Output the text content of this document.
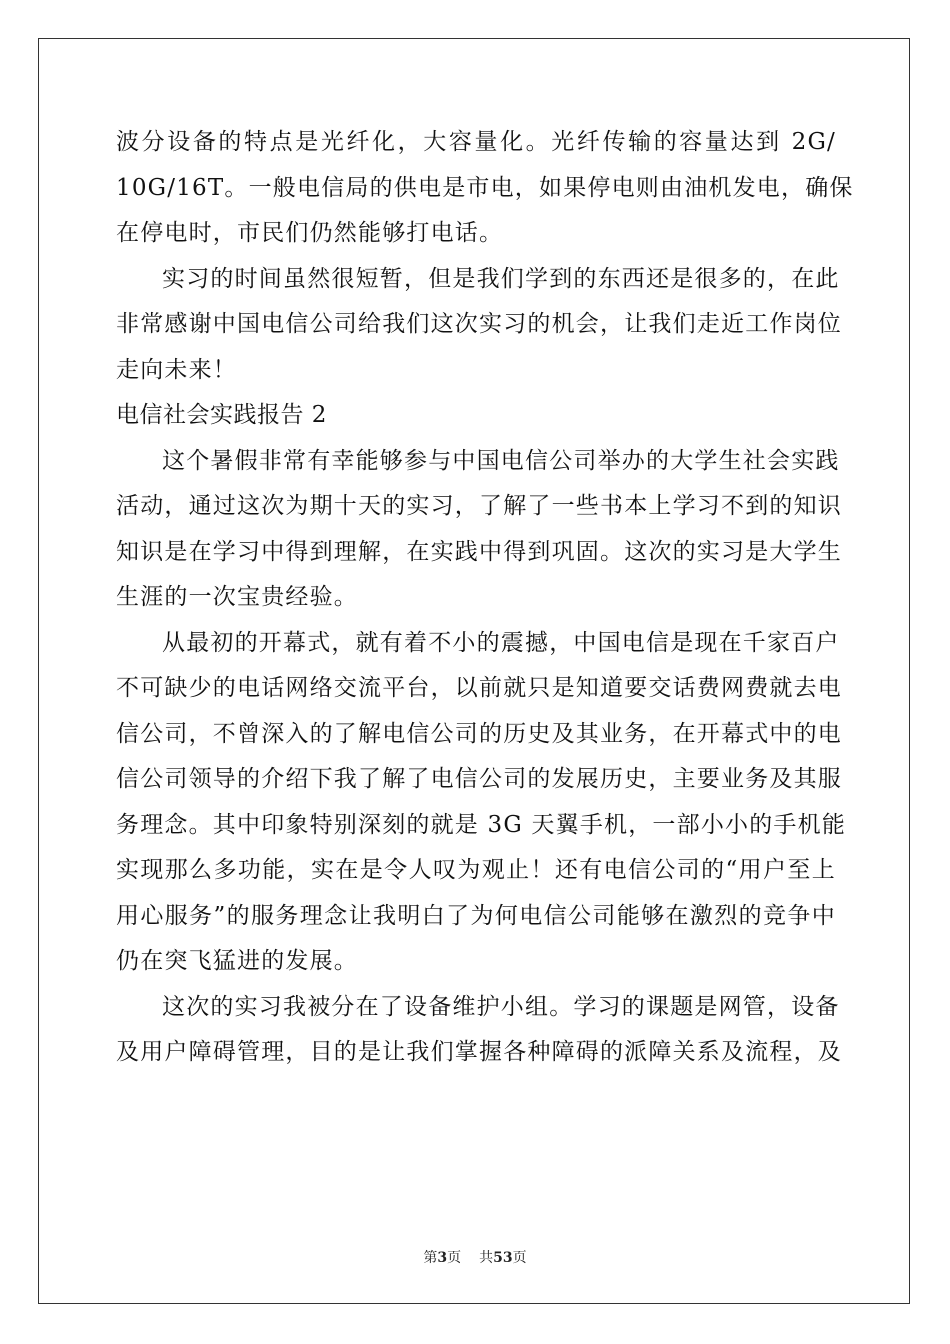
波分设备的特点是光纤化，大容量化。光纤传输的容量达到 2G/
10G/16T。一般电信局的供电是市电，如果停电则由油机发电，确保
在停电时，市民们仍然能够打电话。
实习的时间虽然很短暂，但是我们学到的东西还是很多的，在此
非常感谢中国电信公司给我们这次实习的机会，让我们走近工作岗位
走向未来！
电信社会实践报告 2
这个暑假非常有幸能够参与中国电信公司举办的大学生社会实践
活动，通过这次为期十天的实习，了解了一些书本上学习不到的知识
知识是在学习中得到理解，在实践中得到巩固。这次的实习是大学生
生涯的一次宝贵经验。
从最初的开幕式，就有着不小的震撼，中国电信是现在千家百户
不可缺少的电话网络交流平台，以前就只是知道要交话费网费就去电
信公司，不曾深入的了解电信公司的历史及其业务，在开幕式中的电
信公司领导的介绍下我了解了电信公司的发展历史，主要业务及其服
务理念。其中印象特别深刻的就是 3G 天翼手机，一部小小的手机能
实现那么多功能，实在是令人叹为观止！还有电信公司的“用户至上
用心服务”的服务理念让我明白了为何电信公司能够在激烈的竞争中
仍在突飞猛进的发展。
这次的实习我被分在了设备维护小组。学习的课题是网管，设备
及用户障碍管理，目的是让我们掌握各种障碍的派障关系及流程，及
第3页 共53页
